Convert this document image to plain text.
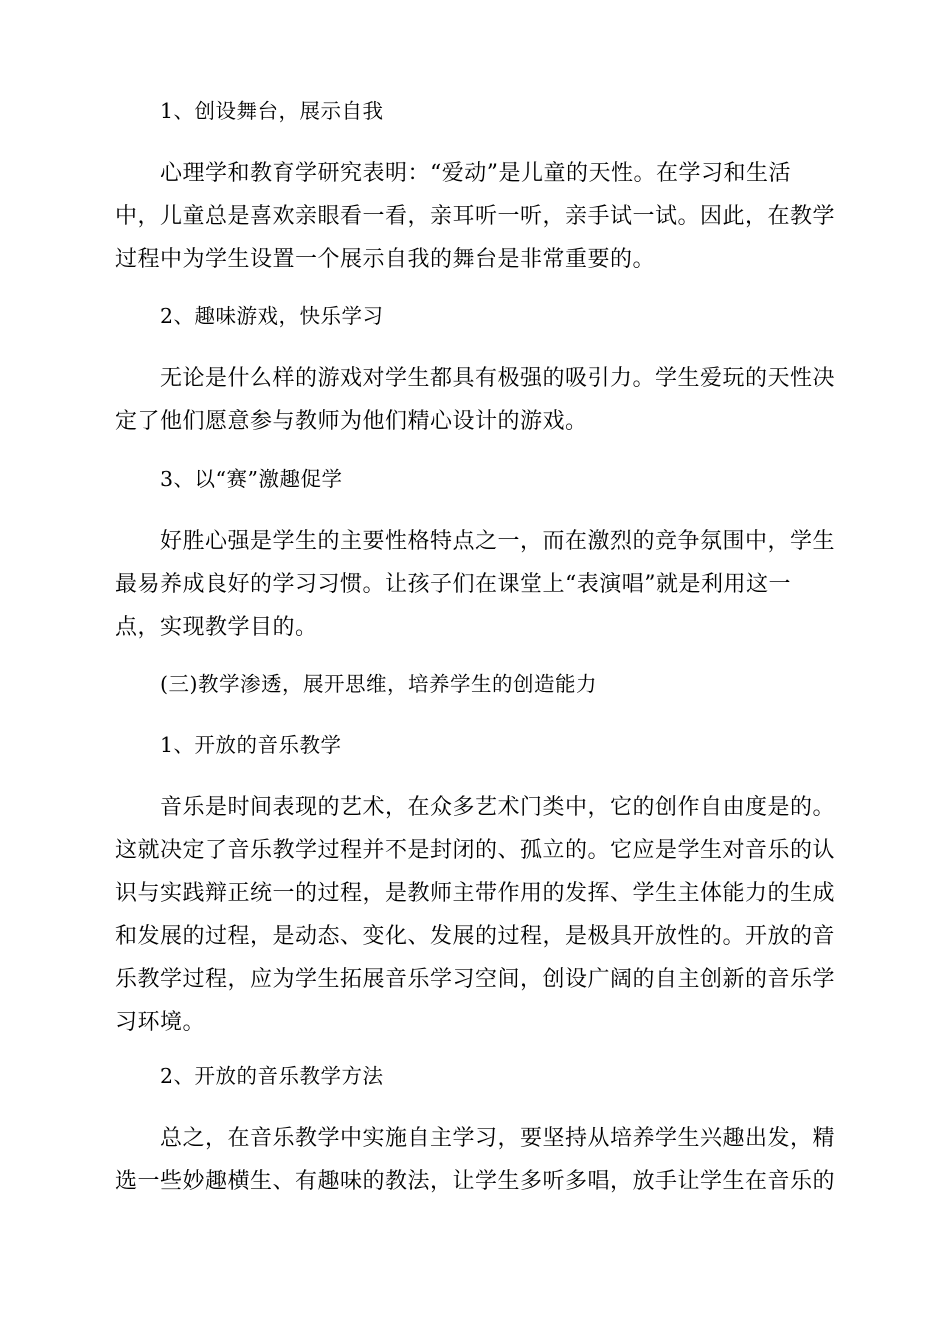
1、创设舞台，展示自我

心理学和教育学研究表明：“爱动”是儿童的天性。在学习和生活中，儿童总是喜欢亲眼看一看，亲耳听一听，亲手试一试。因此，在教学过程中为学生设置一个展示自我的舞台是非常重要的。

2、趣味游戏，快乐学习

无论是什么样的游戏对学生都具有极强的吸引力。学生爱玩的天性决定了他们愿意参与教师为他们精心设计的游戏。

3、以“赛”激趣促学

好胜心强是学生的主要性格特点之一，而在激烈的竞争氛围中，学生最易养成良好的学习习惯。让孩子们在课堂上“表演唱”就是利用这一点，实现教学目的。

(三)教学渗透，展开思维，培养学生的创造能力

1、开放的音乐教学

音乐是时间表现的艺术，在众多艺术门类中，它的创作自由度是的。这就决定了音乐教学过程并不是封闭的、孤立的。它应是学生对音乐的认识与实践辩正统一的过程，是教师主带作用的发挥、学生主体能力的生成和发展的过程，是动态、变化、发展的过程，是极具开放性的。开放的音乐教学过程，应为学生拓展音乐学习空间，创设广阔的自主创新的音乐学习环境。

2、开放的音乐教学方法

总之，在音乐教学中实施自主学习，要坚持从培养学生兴趣出发，精选一些妙趣横生、有趣味的教法，让学生多听多唱，放手让学生在音乐的
